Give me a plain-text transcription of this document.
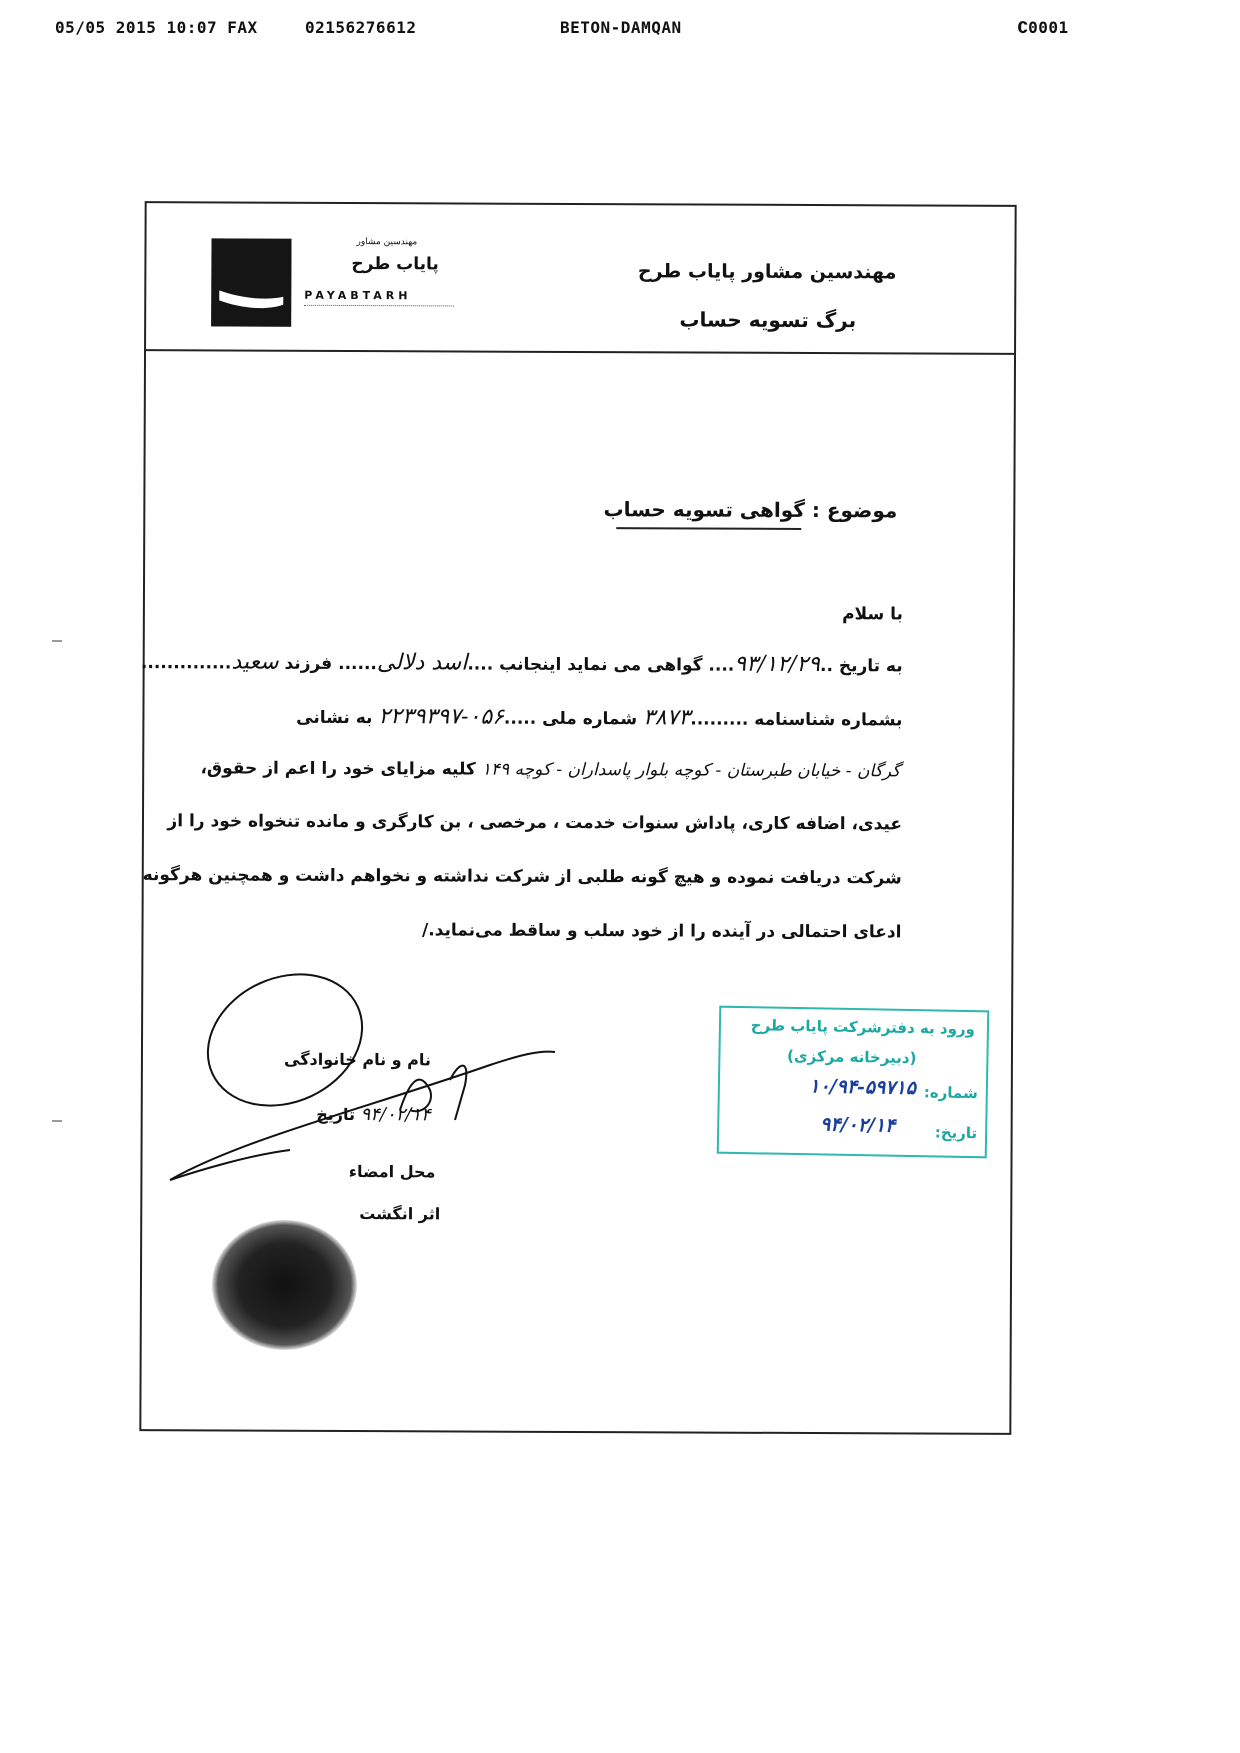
05/05 2015 10:07 FAX	02156276612	BETON-DAMQAN	∁0001
مهندسین مشاور
پایاب طرح
PAYABTARH
مهندسین مشاور پایاب طرح
برگ تسویه حساب
موضوع : گواهی تسویه حساب
با سلام
به تاریخ ..۹۳/۱۲/۲۹.... گواهی می نماید اینجانب ....اسد دلالی...... فرزند سعید..............
بشماره شناسنامه .........۳۸۷۳ شماره ملی .....۰۵۶-۲۲۳۹۳۹۷ به نشانی
گرگان - خیابان طبرستان - کوچه بلوار پاسداران - کوچه ۱۴۹ کلیه مزایای خود را اعم از حقوق،
عیدی، اضافه کاری، پاداش سنوات خدمت ، مرخصی ، بن کارگری و مانده تنخواه خود را از
شرکت دریافت نموده و هیچ گونه طلبی از شرکت نداشته و نخواهم داشت و همچنین هرگونه
ادعای احتمالی در آینده را از خود سلب و ساقط می‌نماید./
نام و نام خانوادگی
۹۴/۰۲/۱۴ تاریخ
محل امضاء
اثر انگشت
ورود به دفترشرکت پایاب طرح
(دبیرخانه مرکزی)
شماره:
۱۰/۹۴-۵۹۷۱۵
تاریخ:
۹۴/۰۲/۱۴
